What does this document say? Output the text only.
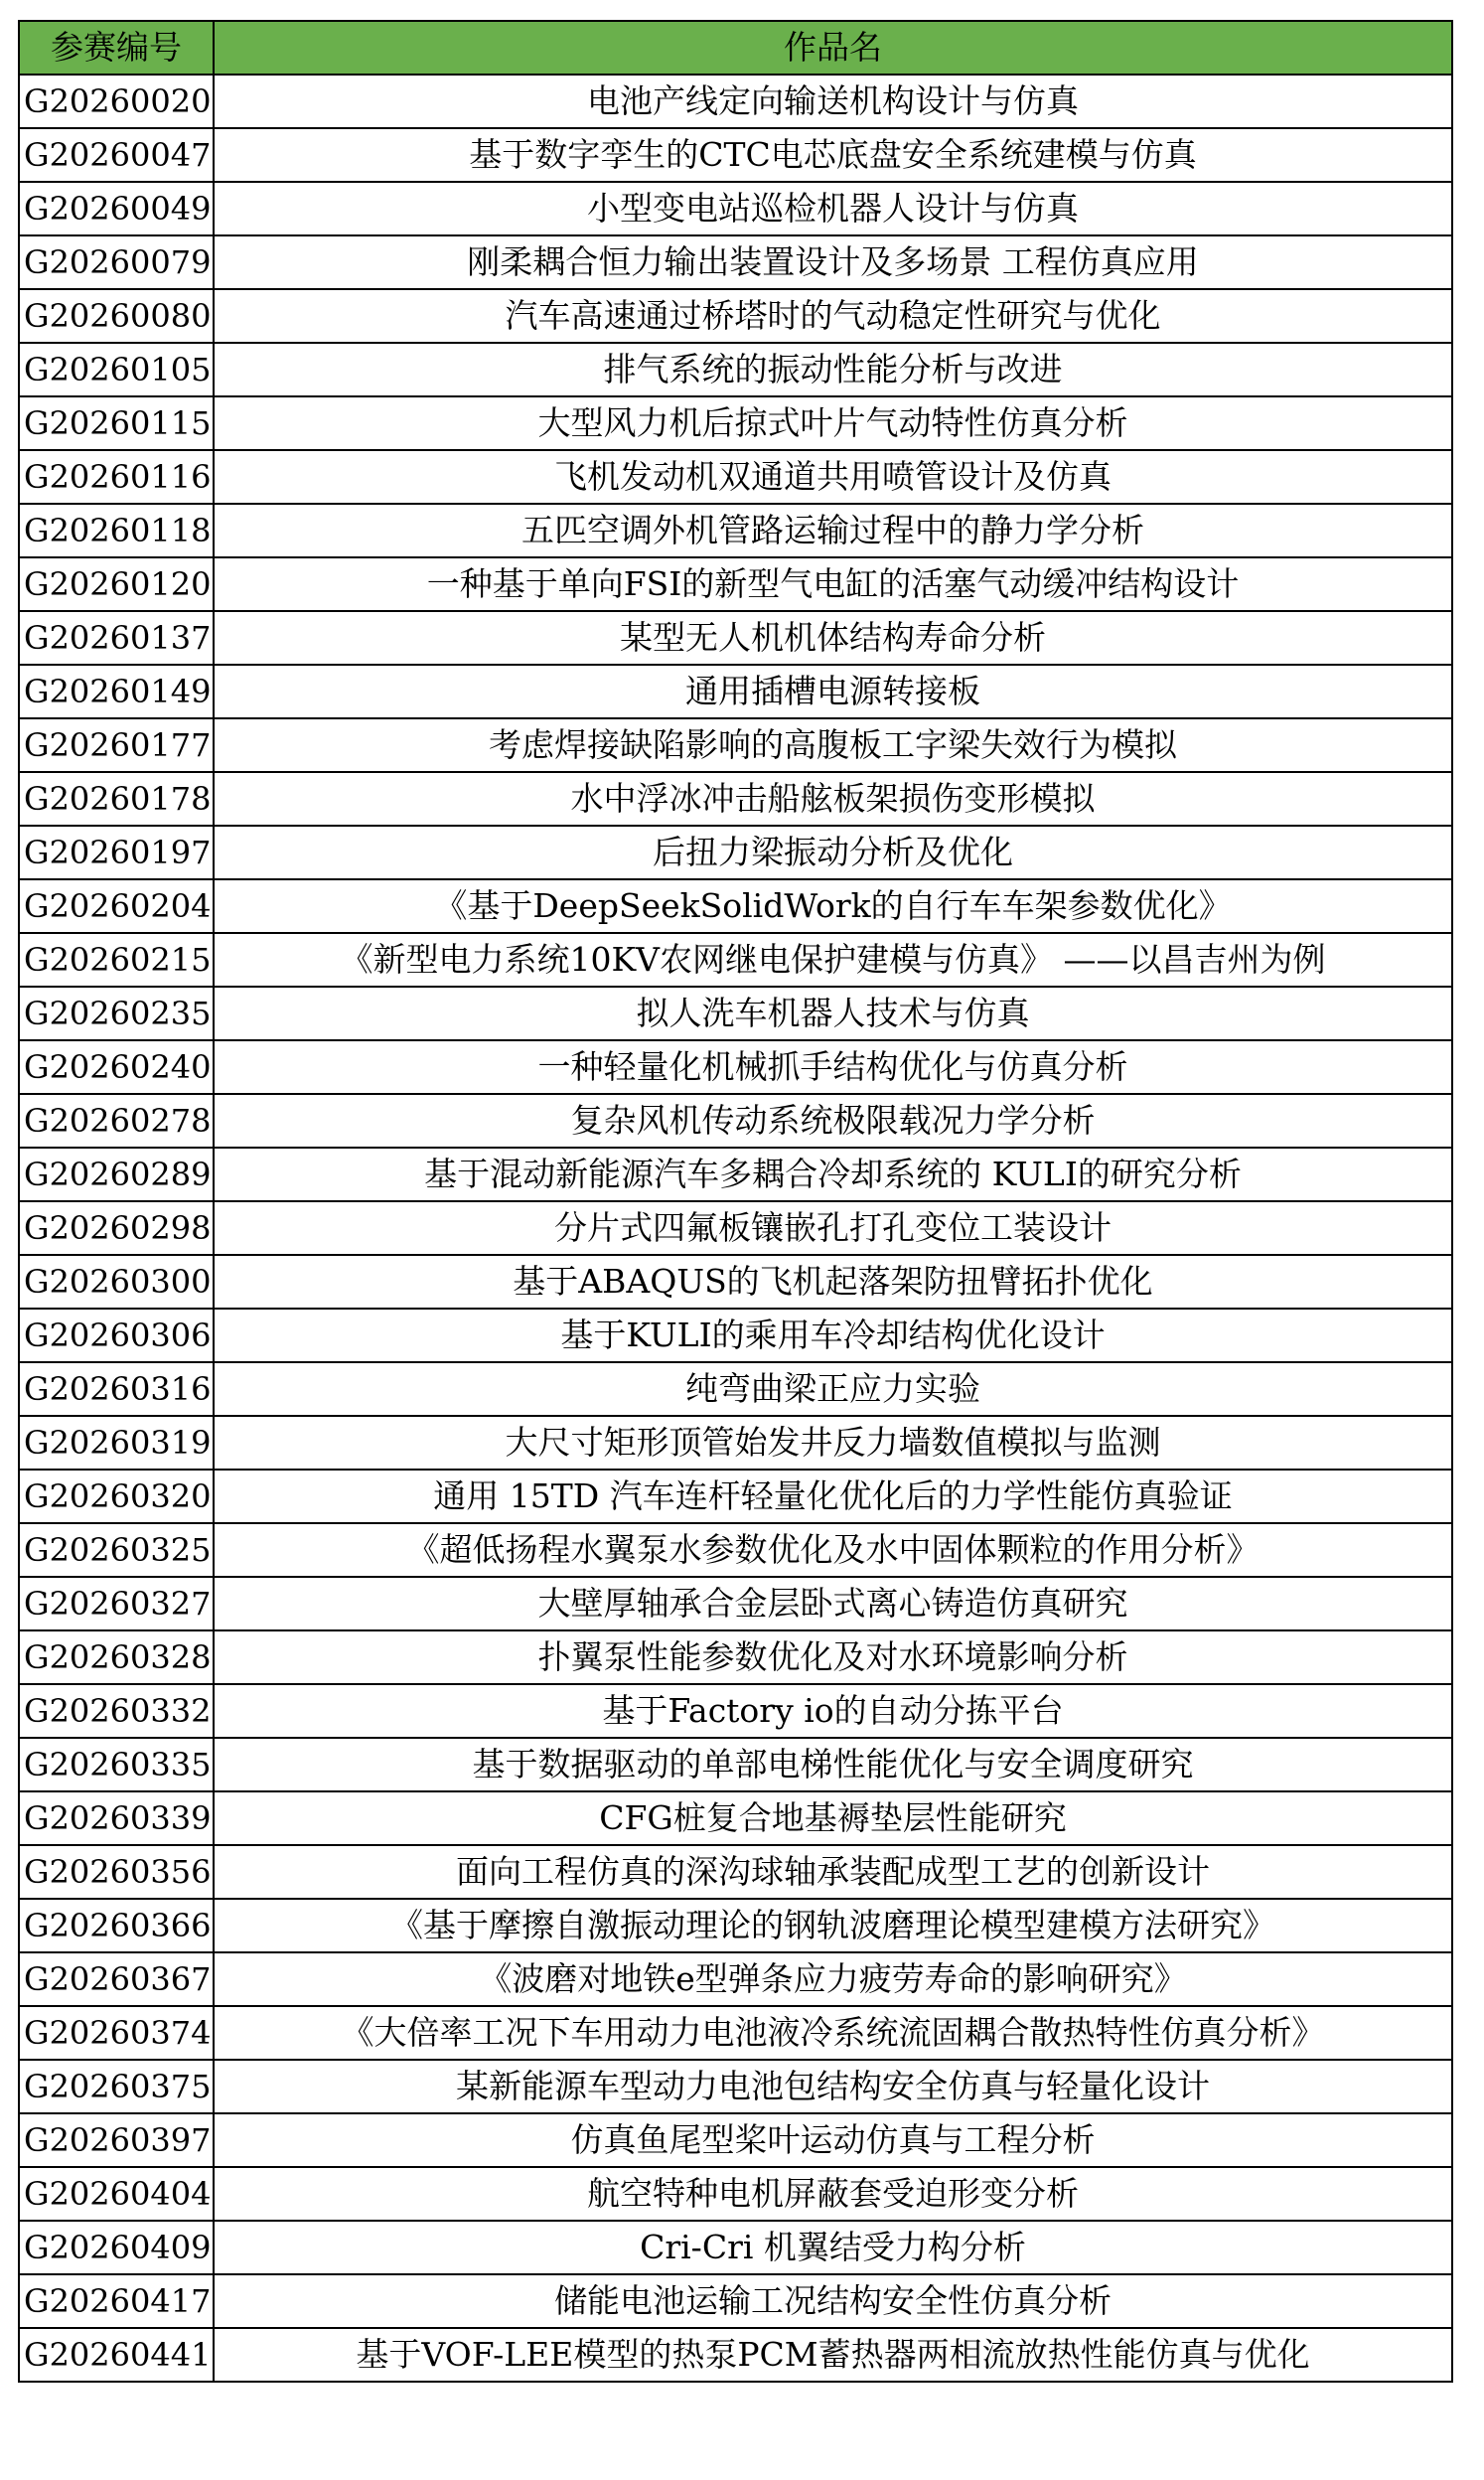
参赛编号	作品名
G20260020	电池产线定向输送机构设计与仿真
G20260047	基于数字孪生的CTC电芯底盘安全系统建模与仿真
G20260049	小型变电站巡检机器人设计与仿真
G20260079	刚柔耦合恒力输出装置设计及多场景 工程仿真应用
G20260080	汽车高速通过桥塔时的气动稳定性研究与优化
G20260105	排气系统的振动性能分析与改进
G20260115	大型风力机后掠式叶片气动特性仿真分析
G20260116	飞机发动机双通道共用喷管设计及仿真
G20260118	五匹空调外机管路运输过程中的静力学分析
G20260120	一种基于单向FSI的新型气电缸的活塞气动缓冲结构设计
G20260137	某型无人机机体结构寿命分析
G20260149	通用插槽电源转接板
G20260177	考虑焊接缺陷影响的高腹板工字梁失效行为模拟
G20260178	水中浮冰冲击船舷板架损伤变形模拟
G20260197	后扭力梁振动分析及优化
G20260204	《基于DeepSeekSolidWork的自行车车架参数优化》
G20260215	《新型电力系统10KV农网继电保护建模与仿真》 ——以昌吉州为例
G20260235	拟人洗车机器人技术与仿真
G20260240	一种轻量化机械抓手结构优化与仿真分析
G20260278	复杂风机传动系统极限载况力学分析
G20260289	基于混动新能源汽车多耦合冷却系统的 KULI的研究分析
G20260298	分片式四氟板镶嵌孔打孔变位工装设计
G20260300	基于ABAQUS的飞机起落架防扭臂拓扑优化
G20260306	基于KULI的乘用车冷却结构优化设计
G20260316	纯弯曲梁正应力实验
G20260319	大尺寸矩形顶管始发井反力墙数值模拟与监测
G20260320	通用 15TD 汽车连杆轻量化优化后的力学性能仿真验证
G20260325	《超低扬程水翼泵水参数优化及水中固体颗粒的作用分析》
G20260327	大壁厚轴承合金层卧式离心铸造仿真研究
G20260328	扑翼泵性能参数优化及对水环境影响分析
G20260332	基于Factory io的自动分拣平台
G20260335	基于数据驱动的单部电梯性能优化与安全调度研究
G20260339	CFG桩复合地基褥垫层性能研究
G20260356	面向工程仿真的深沟球轴承装配成型工艺的创新设计
G20260366	《基于摩擦自激振动理论的钢轨波磨理论模型建模方法研究》
G20260367	《波磨对地铁e型弹条应力疲劳寿命的影响研究》
G20260374	《大倍率工况下车用动力电池液冷系统流固耦合散热特性仿真分析》
G20260375	某新能源车型动力电池包结构安全仿真与轻量化设计
G20260397	仿真鱼尾型桨叶运动仿真与工程分析
G20260404	航空特种电机屏蔽套受迫形变分析
G20260409	Cri-Cri 机翼结受力构分析
G20260417	储能电池运输工况结构安全性仿真分析
G20260441	基于VOF-LEE模型的热泵PCM蓄热器两相流放热性能仿真与优化
